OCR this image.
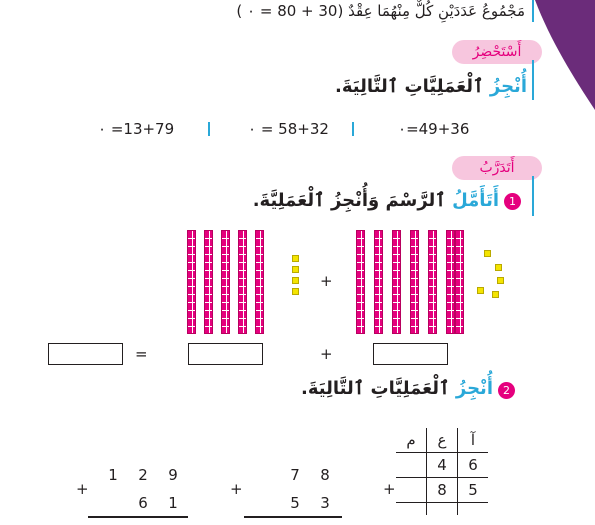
مَجْمُوعُ عَدَدَيْنِ كُلٌّ مِنْهُمَا عِقْدٌ (30 + 80 = ٠ )
أَسْتَحْضِرُ
أُنْجِزُ ٱلْعَمَلِيَّاتِ ٱلتَّالِيَةَ.
٠ =13+79	٠ = 58+32	٠=49+36
أَتَدَرَّبُ
1
أَتَأَمَّلُ ٱلرَّسْمَ وَأُنْجِزُ ٱلْعَمَلِيَّةَ.
+
=	+
2
أُنْجِزُ ٱلْعَمَلِيَّاتِ ٱلتَّالِيَةَ.
1 2 9
+
6 1
7 8
+
5 3
+
م	ع	آ
	4	6
	8	5
